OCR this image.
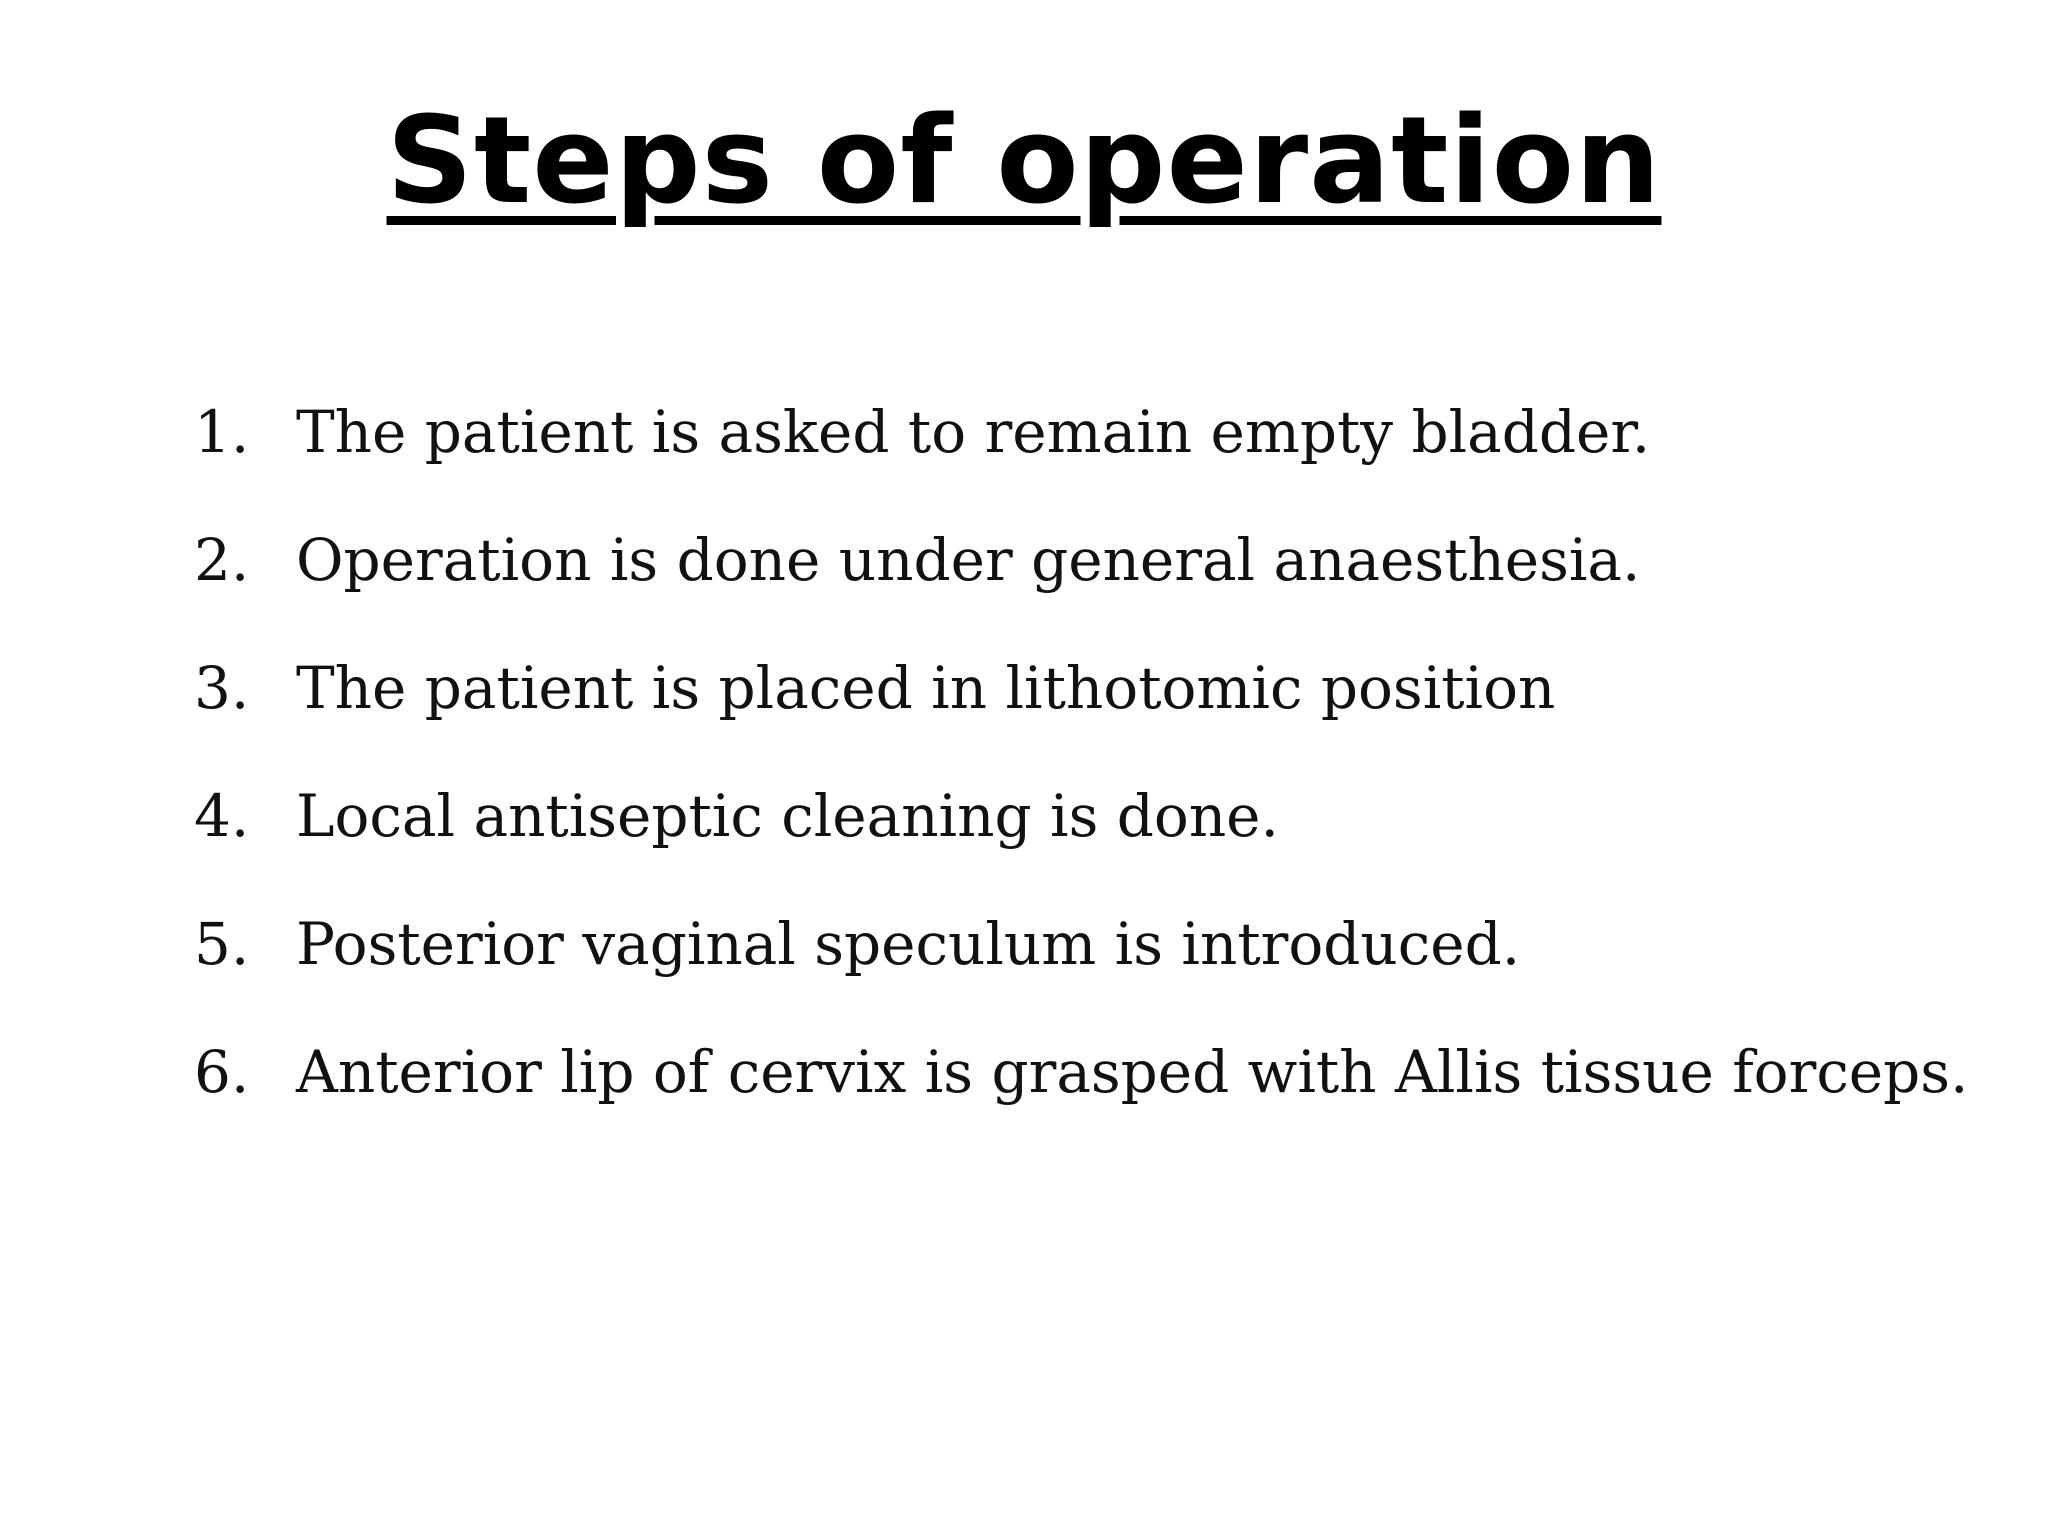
Steps of operation
1. The patient is asked to remain empty bladder.
2. Operation is done under general anaesthesia.
3. The patient is placed in lithotomic position
4. Local antiseptic cleaning is done.
5. Posterior vaginal speculum is introduced.
6. Anterior lip of cervix is grasped with Allis tissue forceps.
